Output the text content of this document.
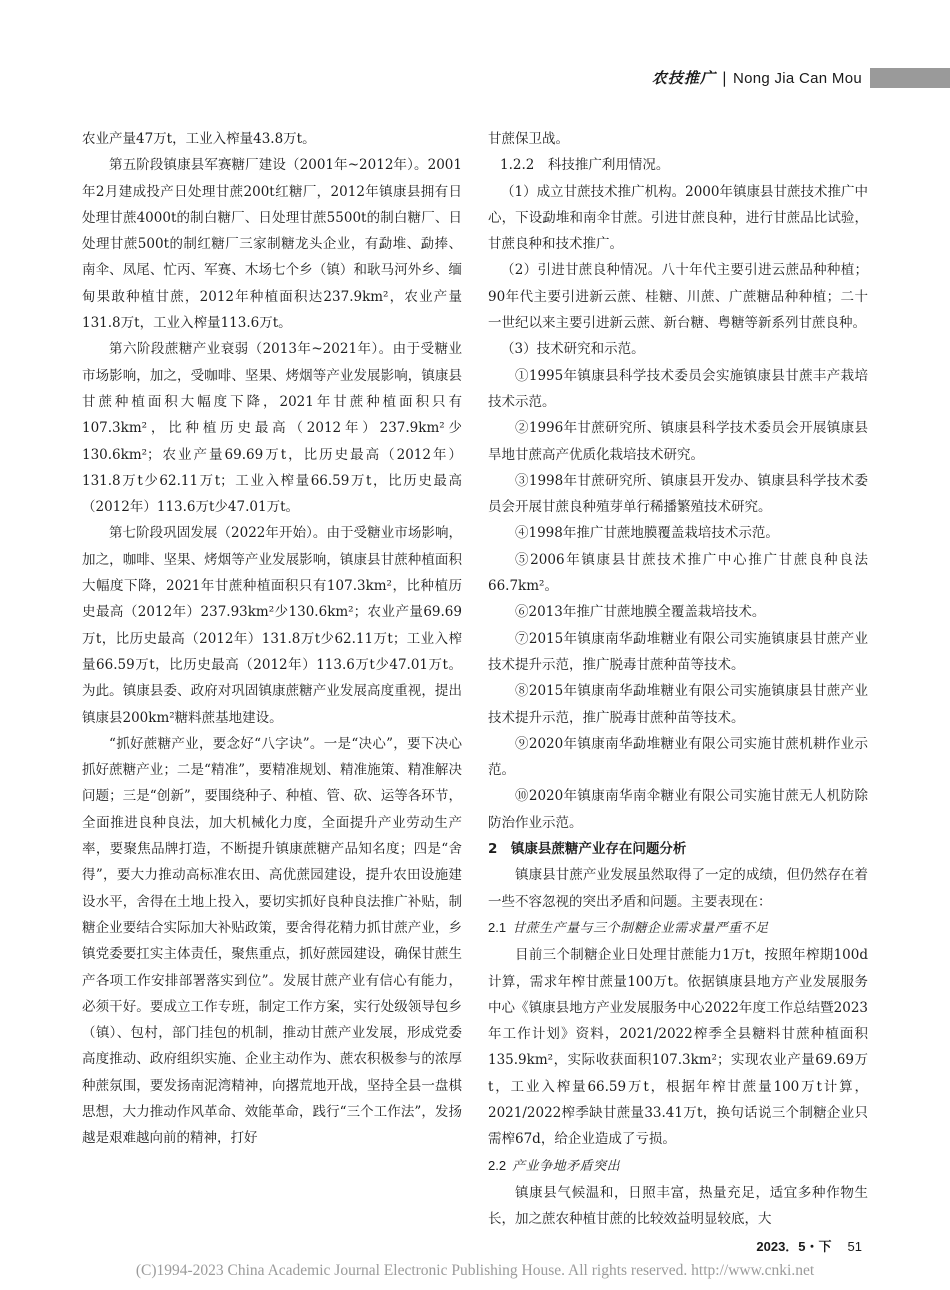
农技推广 | Nong Jia Can Mou

农业产量47万t，工业入榨量43.8万t。

第五阶段镇康县军赛糖厂建设（2001年~2012年）。2001年2月建成投产日处理甘蔗200t红糖厂，2012年镇康县拥有日处理甘蔗4000t的制白糖厂、日处理甘蔗5500t的制白糖厂、日处理甘蔗500t的制红糖厂三家制糖龙头企业，有勐堆、勐捧、南伞、凤尾、忙丙、军赛、木场七个乡（镇）和耿马河外乡、缅甸果敢种植甘蔗，2012年种植面积达237.9km²，农业产量131.8万t，工业入榨量113.6万t。

第六阶段蔗糖产业衰弱（2013年~2021年）。由于受糖业市场影响，加之，受咖啡、坚果、烤烟等产业发展影响，镇康县甘蔗种植面积大幅度下降，2021年甘蔗种植面积只有107.3km²，比种植历史最高（2012年）237.9km²少130.6km²；农业产量69.69万t，比历史最高（2012年）131.8万t少62.11万t；工业入榨量66.59万t，比历史最高（2012年）113.6万t少47.01万t。

第七阶段巩固发展（2022年开始）。由于受糖业市场影响，加之，咖啡、坚果、烤烟等产业发展影响，镇康县甘蔗种植面积大幅度下降，2021年甘蔗种植面积只有107.3km²，比种植历史最高（2012年）237.93km²少130.6km²；农业产量69.69万t，比历史最高（2012年）131.8万t少62.11万t；工业入榨量66.59万t，比历史最高（2012年）113.6万t少47.01万t。为此。镇康县委、政府对巩固镇康蔗糖产业发展高度重视，提出镇康县200km²糖料蔗基地建设。

“抓好蔗糖产业，要念好“八字诀”。一是“决心”，要下决心抓好蔗糖产业；二是“精准”，要精准规划、精准施策、精准解决问题；三是“创新”，要围绕种子、种植、管、砍、运等各环节，全面推进良种良法，加大机械化力度，全面提升产业劳动生产率，要聚焦品牌打造，不断提升镇康蔗糖产品知名度；四是“舍得”，要大力推动高标准农田、高优蔗园建设，提升农田设施建设水平，舍得在土地上投入，要切实抓好良种良法推广补贴，制糖企业要结合实际加大补贴政策，要舍得花精力抓甘蔗产业，乡镇党委要扛实主体责任，聚焦重点，抓好蔗园建设，确保甘蔗生产各项工作安排部署落实到位”。发展甘蔗产业有信心有能力，必须干好。要成立工作专班，制定工作方案，实行处级领导包乡（镇）、包村，部门挂包的机制，推动甘蔗产业发展，形成党委高度推动、政府组织实施、企业主动作为、蔗农积极参与的浓厚种蔗氛围，要发扬南泥湾精神，向撂荒地开战，坚持全县一盘棋思想，大力推动作风革命、效能革命，践行“三个工作法”，发扬越是艰难越向前的精神，打好

甘蔗保卫战。

1.2.2　科技推广利用情况。

（1）成立甘蔗技术推广机构。2000年镇康县甘蔗技术推广中心，下设勐堆和南伞甘蔗。引进甘蔗良种，进行甘蔗品比试验，甘蔗良种和技术推广。

（2）引进甘蔗良种情况。八十年代主要引进云蔗品种种植；90年代主要引进新云蔗、桂糖、川蔗、广蔗糖品种种植；二十一世纪以来主要引进新云蔗、新台糖、粤糖等新系列甘蔗良种。

（3）技术研究和示范。

①1995年镇康县科学技术委员会实施镇康县甘蔗丰产栽培技术示范。

②1996年甘蔗研究所、镇康县科学技术委员会开展镇康县旱地甘蔗高产优质化栽培技术研究。

③1998年甘蔗研究所、镇康县开发办、镇康县科学技术委员会开展甘蔗良种殖芽单行稀播繁殖技术研究。

④1998年推广甘蔗地膜覆盖栽培技术示范。

⑤2006年镇康县甘蔗技术推广中心推广甘蔗良种良法66.7km²。

⑥2013年推广甘蔗地膜全覆盖栽培技术。

⑦2015年镇康南华勐堆糖业有限公司实施镇康县甘蔗产业技术提升示范，推广脱毒甘蔗种苗等技术。

⑧2015年镇康南华勐堆糖业有限公司实施镇康县甘蔗产业技术提升示范，推广脱毒甘蔗种苗等技术。

⑨2020年镇康南华勐堆糖业有限公司实施甘蔗机耕作业示范。

⑩2020年镇康南华南伞糖业有限公司实施甘蔗无人机防除防治作业示范。

2　镇康县蔗糖产业存在问题分析

镇康县甘蔗产业发展虽然取得了一定的成绩，但仍然存在着一些不容忽视的突出矛盾和问题。主要表现在：

2.1 甘蔗生产量与三个制糖企业需求量严重不足

目前三个制糖企业日处理甘蔗能力1万t，按照年榨期100d计算，需求年榨甘蔗量100万t。依据镇康县地方产业发展服务中心《镇康县地方产业发展服务中心2022年度工作总结暨2023年工作计划》资料，2021/2022榨季全县糖料甘蔗种植面积135.9km²，实际收获面积107.3km²；实现农业产量69.69万t，工业入榨量66.59万t，根据年榨甘蔗量100万t计算，2021/2022榨季缺甘蔗量33.41万t，换句话说三个制糖企业只需榨67d，给企业造成了亏损。

2.2 产业争地矛盾突出

镇康县气候温和，日照丰富，热量充足，适宜多种作物生长，加之蔗农种植甘蔗的比较效益明显较底，大

2023．5・下 51
(C)1994-2023 China Academic Journal Electronic Publishing House. All rights reserved. http://www.cnki.net
